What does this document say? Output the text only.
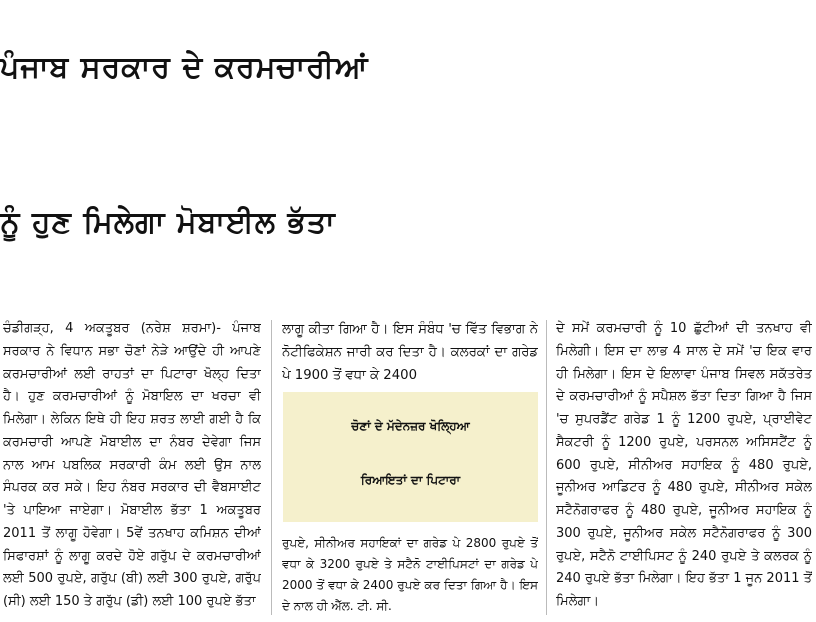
ਪੰਜਾਬ ਸਰਕਾਰ ਦੇ ਕਰਮਚਾਰੀਆਂ
ਨੂੰ ਹੁਣ ਮਿਲੇਗਾ ਮੋਬਾਈਲ ਭੱਤਾ
ਚੰਡੀਗੜ੍ਹ, 4 ਅਕਤੂਬਰ (ਨਰੇਸ਼ ਸ਼ਰਮਾ)- ਪੰਜਾਬ ਸਰਕਾਰ ਨੇ ਵਿਧਾਨ ਸਭਾ ਚੋਣਾਂ ਨੇੜੇ ਆਉਂਦੇ ਹੀ ਆਪਣੇ ਕਰਮਚਾਰੀਆਂ ਲਈ ਰਾਹਤਾਂ ਦਾ ਪਿਟਾਰਾ ਖੋਲ੍ਹ ਦਿਤਾ ਹੈ। ਹੁਣ ਕਰਮਚਾਰੀਆਂ ਨੂੰ ਮੋਬਾਇਲ ਦਾ ਖਰਚਾ ਵੀ ਮਿਲੇਗਾ। ਲੇਕਿਨ ਇਥੇ ਹੀ ਇਹ ਸ਼ਰਤ ਲਾਈ ਗਈ ਹੈ ਕਿ ਕਰਮਚਾਰੀ ਆਪਣੇ ਮੋਬਾਈਲ ਦਾ ਨੰਬਰ ਦੇਵੇਗਾ ਜਿਸ ਨਾਲ ਆਮ ਪਬਲਿਕ ਸਰਕਾਰੀ ਕੰਮ ਲਈ ਉਸ ਨਾਲ ਸੰਪਰਕ ਕਰ ਸਕੇ। ਇਹ ਨੰਬਰ ਸਰਕਾਰ ਦੀ ਵੈਬਸਾਈਟ 'ਤੇ ਪਾਇਆ ਜਾਏਗਾ। ਮੋਬਾਈਲ ਭੱਤਾ 1 ਅਕਤੂਬਰ 2011 ਤੋਂ ਲਾਗੂ ਹੋਵੇਗਾ। 5ਵੇਂ ਤਨਖਾਹ ਕਮਿਸ਼ਨ ਦੀਆਂ ਸਿਫਾਰਸ਼ਾਂ ਨੂੰ ਲਾਗੂ ਕਰਦੇ ਹੋਏ ਗਰੁੱਪ ਦੇ ਕਰਮਚਾਰੀਆਂ ਲਈ 500 ਰੁਪਏ, ਗਰੁੱਪ (ਬੀ) ਲਈ 300 ਰੁਪਏ, ਗਰੁੱਪ (ਸੀ) ਲਈ 150 ਤੇ ਗਰੁੱਪ (ਡੀ) ਲਈ 100 ਰੁਪਏ ਭੱਤਾ
ਲਾਗੂ ਕੀਤਾ ਗਿਆ ਹੈ। ਇਸ ਸੰਬੰਧ 'ਚ ਵਿੱਤ ਵਿਭਾਗ ਨੇ ਨੋਟੀਫਿਕੇਸ਼ਨ ਜਾਰੀ ਕਰ ਦਿਤਾ ਹੈ। ਕਲਰਕਾਂ ਦਾ ਗਰੇਡ ਪੇ 1900 ਤੋਂ ਵਧਾ ਕੇ 2400
ਚੋਣਾਂ ਦੇ ਮੱਦੇਨਜ਼ਰ ਖੋਲ੍ਹਿਆ
ਰਿਆਇਤਾਂ ਦਾ ਪਿਟਾਰਾ
ਰੁਪਏ, ਸੀਨੀਅਰ ਸਹਾਇਕਾਂ ਦਾ ਗਰੇਡ ਪੇ 2800 ਰੁਪਏ ਤੋਂ ਵਧਾ ਕੇ 3200 ਰੁਪਏ ਤੇ ਸਟੈਨੋ ਟਾਈਪਿਸਟਾਂ ਦਾ ਗਰੇਡ ਪੇ 2000 ਤੋਂ ਵਧਾ ਕੇ 2400 ਰੁਪਏ ਕਰ ਦਿਤਾ ਗਿਆ ਹੈ। ਇਸ ਦੇ ਨਾਲ ਹੀ ਐੱਲ. ਟੀ. ਸੀ.
ਦੇ ਸਮੇਂ ਕਰਮਚਾਰੀ ਨੂੰ 10 ਛੁੱਟੀਆਂ ਦੀ ਤਨਖਾਹ ਵੀ ਮਿਲੇਗੀ। ਇਸ ਦਾ ਲਾਭ 4 ਸਾਲ ਦੇ ਸਮੇਂ 'ਚ ਇਕ ਵਾਰ ਹੀ ਮਿਲੇਗਾ। ਇਸ ਦੇ ਇਲਾਵਾ ਪੰਜਾਬ ਸਿਵਲ ਸਕੱਤਰੇਤ ਦੇ ਕਰਮਚਾਰੀਆਂ ਨੂੰ ਸਪੈਸ਼ਲ ਭੱਤਾ ਦਿਤਾ ਗਿਆ ਹੈ ਜਿਸ 'ਚ ਸੁਪਰਡੈਂਟ ਗਰੇਡ 1 ਨੂੰ 1200 ਰੁਪਏ, ਪ੍ਰਾਈਵੇਟ ਸੈਕਟਰੀ ਨੂੰ 1200 ਰੁਪਏ, ਪਰਸਨਲ ਅਸਿਸਟੈਂਟ ਨੂੰ 600 ਰੁਪਏ, ਸੀਨੀਅਰ ਸਹਾਇਕ ਨੂੰ 480 ਰੁਪਏ, ਜੂਨੀਅਰ ਆਡਿਟਰ ਨੂੰ 480 ਰੁਪਏ, ਸੀਨੀਅਰ ਸਕੇਲ ਸਟੈਨੋਗਰਾਫਰ ਨੂੰ 480 ਰੁਪਏ, ਜੂਨੀਅਰ ਸਹਾਇਕ ਨੂੰ 300 ਰੁਪਏ, ਜੂਨੀਅਰ ਸਕੇਲ ਸਟੈਨੋਗਰਾਫਰ ਨੂੰ 300 ਰੁਪਏ, ਸਟੈਨੋ ਟਾਈਪਿਸਟ ਨੂੰ 240 ਰੁਪਏ ਤੇ ਕਲਰਕ ਨੂੰ 240 ਰੁਪਏ ਭੱਤਾ ਮਿਲੇਗਾ। ਇਹ ਭੱਤਾ 1 ਜੂਨ 2011 ਤੋਂ ਮਿਲੇਗਾ।
